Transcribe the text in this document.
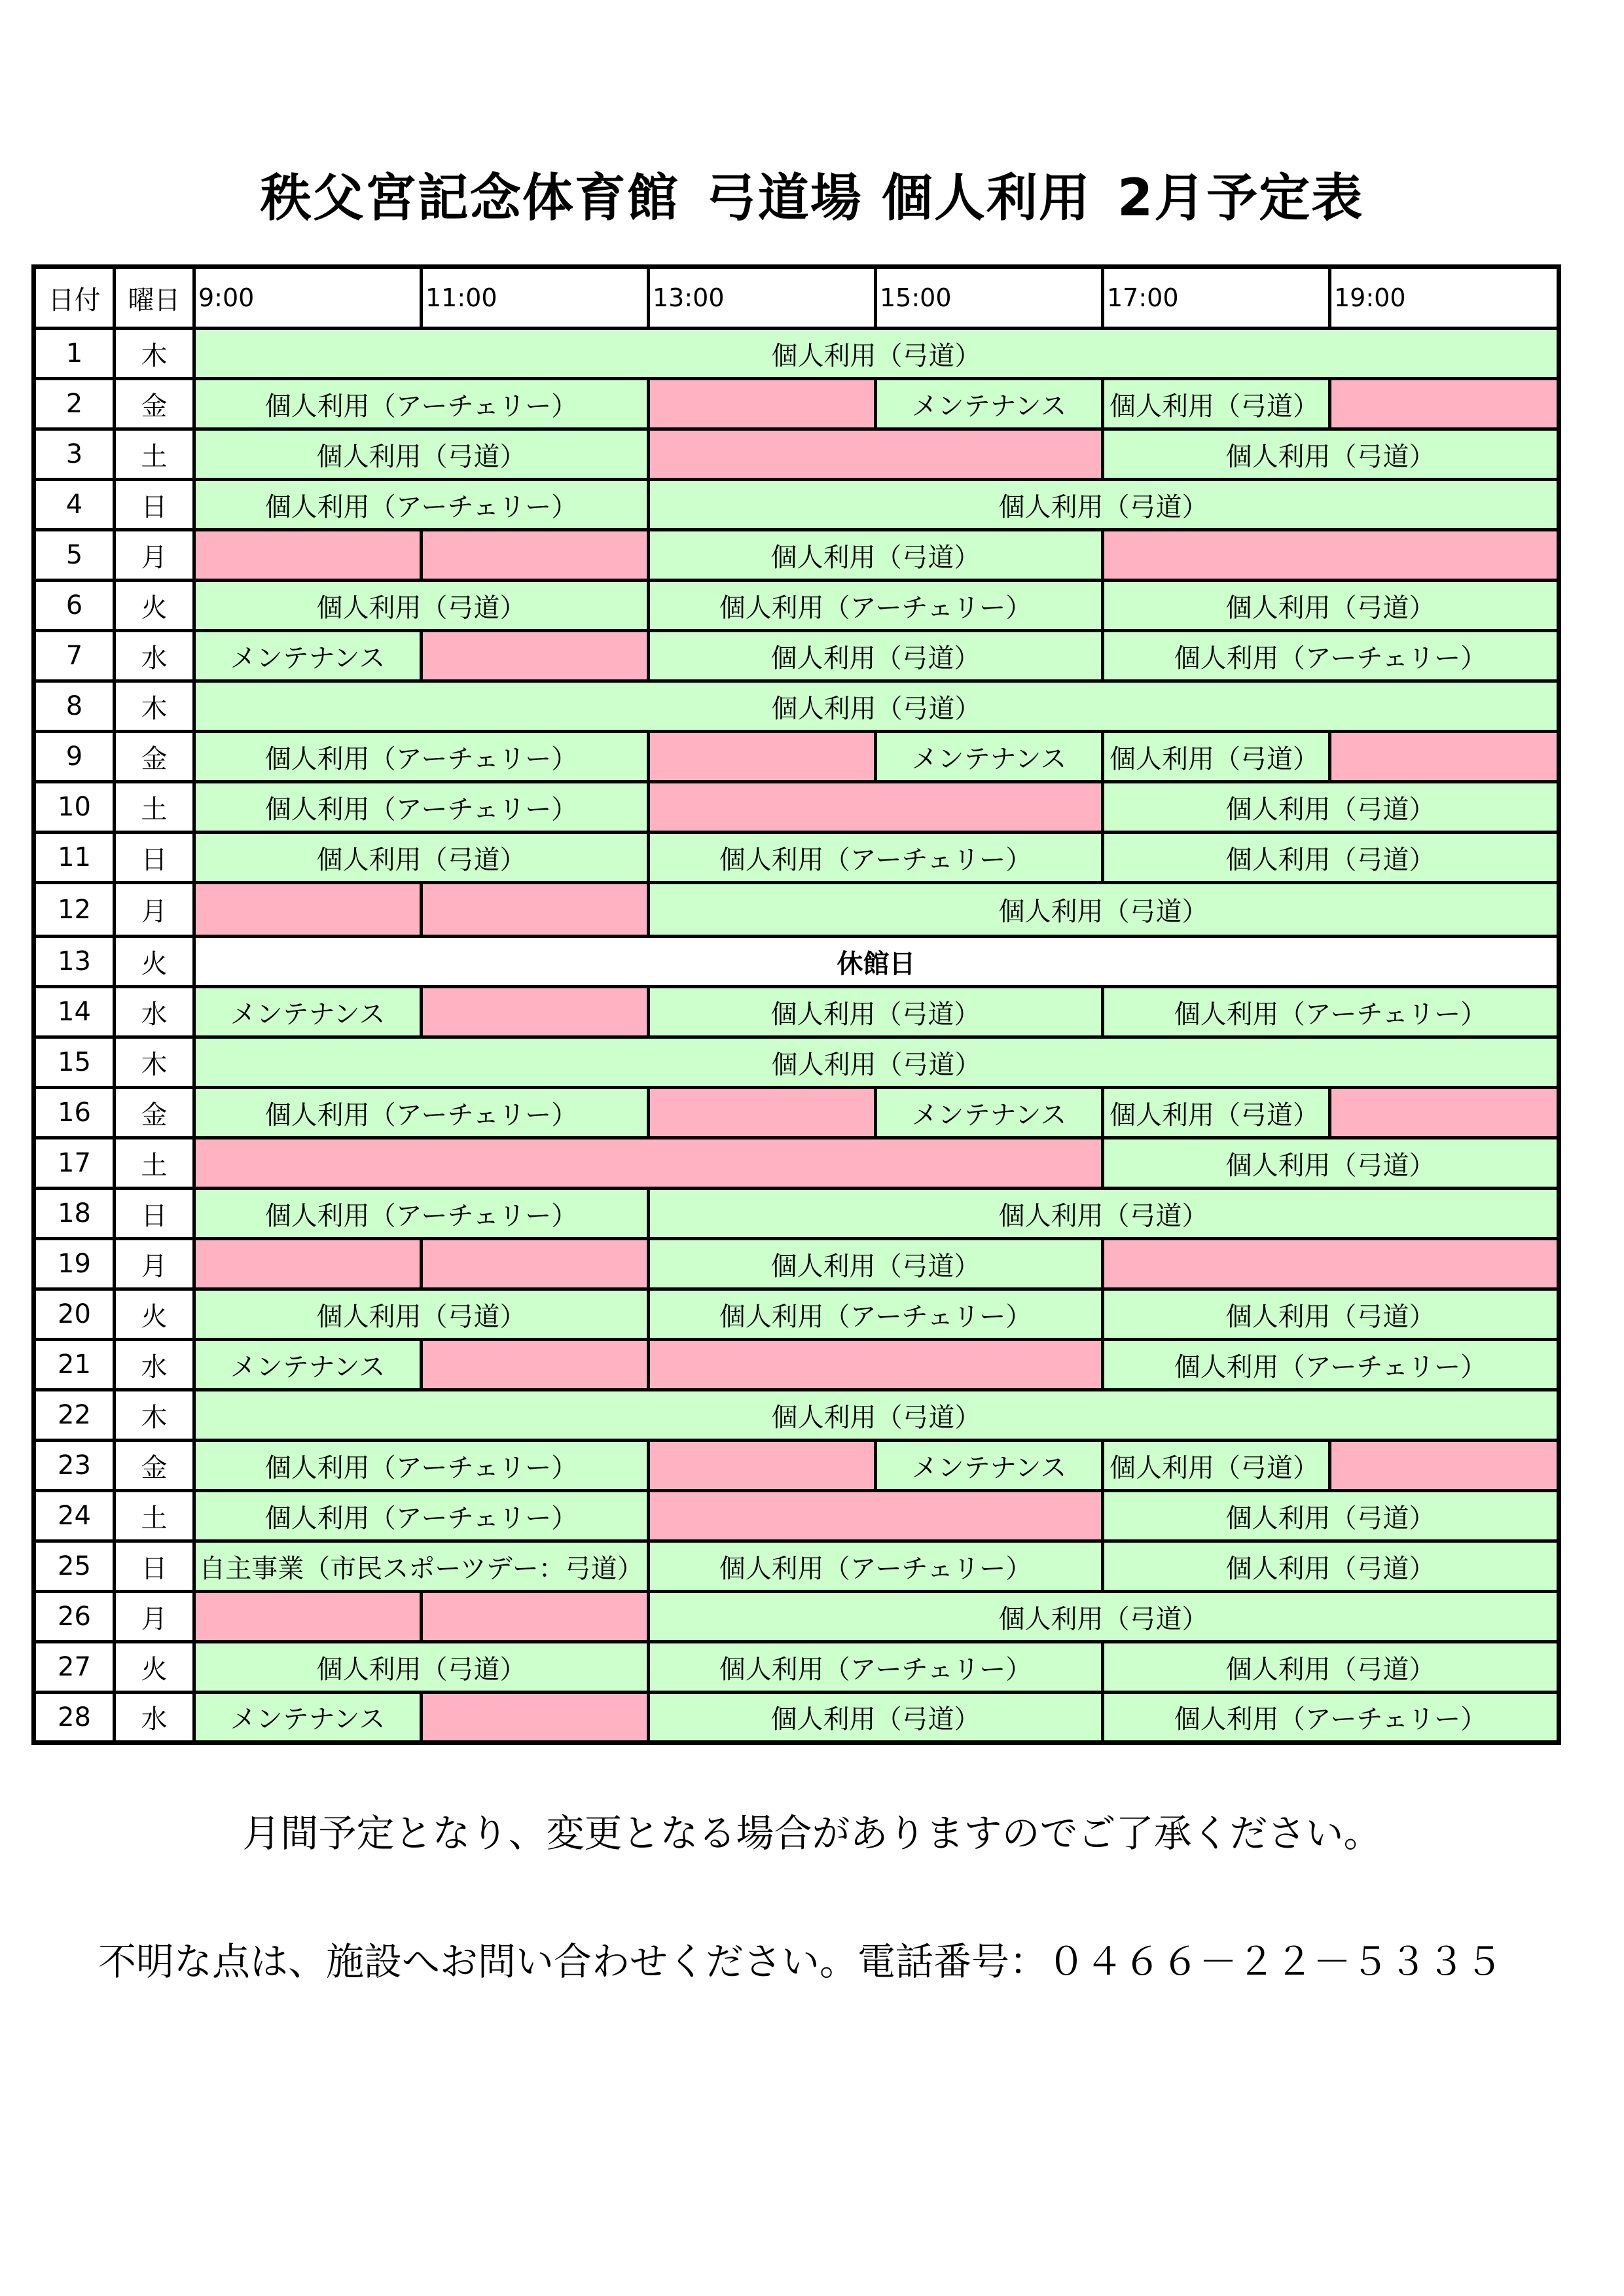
秩父宮記念体育館 弓道場 個人利用 2月予定表
日付	曜日	9:00	11:00	13:00	15:00	17:00	19:00
1	木	個人利用（弓道）					
2	金	個人利用（アーチェリー）			メンテナンス	個人利用（弓道）	
3	土	個人利用（弓道）				個人利用（弓道）	
4	日	個人利用（アーチェリー）		個人利用（弓道）			
5	月			個人利用（弓道）			
6	火	個人利用（弓道）		個人利用（アーチェリー）		個人利用（弓道）	
7	水	メンテナンス		個人利用（弓道）		個人利用（アーチェリー）	
8	木	個人利用（弓道）					
9	金	個人利用（アーチェリー）			メンテナンス	個人利用（弓道）	
10	土	個人利用（アーチェリー）				個人利用（弓道）	
11	日	個人利用（弓道）		個人利用（アーチェリー）		個人利用（弓道）	
12	月			個人利用（弓道）			
13	火	休館日					
14	水	メンテナンス		個人利用（弓道）		個人利用（アーチェリー）	
15	木	個人利用（弓道）					
16	金	個人利用（アーチェリー）			メンテナンス	個人利用（弓道）	
17	土					個人利用（弓道）	
18	日	個人利用（アーチェリー）		個人利用（弓道）			
19	月			個人利用（弓道）			
20	火	個人利用（弓道）		個人利用（アーチェリー）		個人利用（弓道）	
21	水	メンテナンス				個人利用（アーチェリー）	
22	木	個人利用（弓道）					
23	金	個人利用（アーチェリー）			メンテナンス	個人利用（弓道）	
24	土	個人利用（アーチェリー）				個人利用（弓道）	
25	日	自主事業（市民スポーツデー：弓道）		個人利用（アーチェリー）		個人利用（弓道）	
26	月			個人利用（弓道）			
27	火	個人利用（弓道）		個人利用（アーチェリー）		個人利用（弓道）	
28	水	メンテナンス		個人利用（弓道）		個人利用（アーチェリー）	
月間予定となり、変更となる場合がありますのでご了承ください。
不明な点は、施設へお問い合わせください。電話番号：０４６６－２２－５３３５
